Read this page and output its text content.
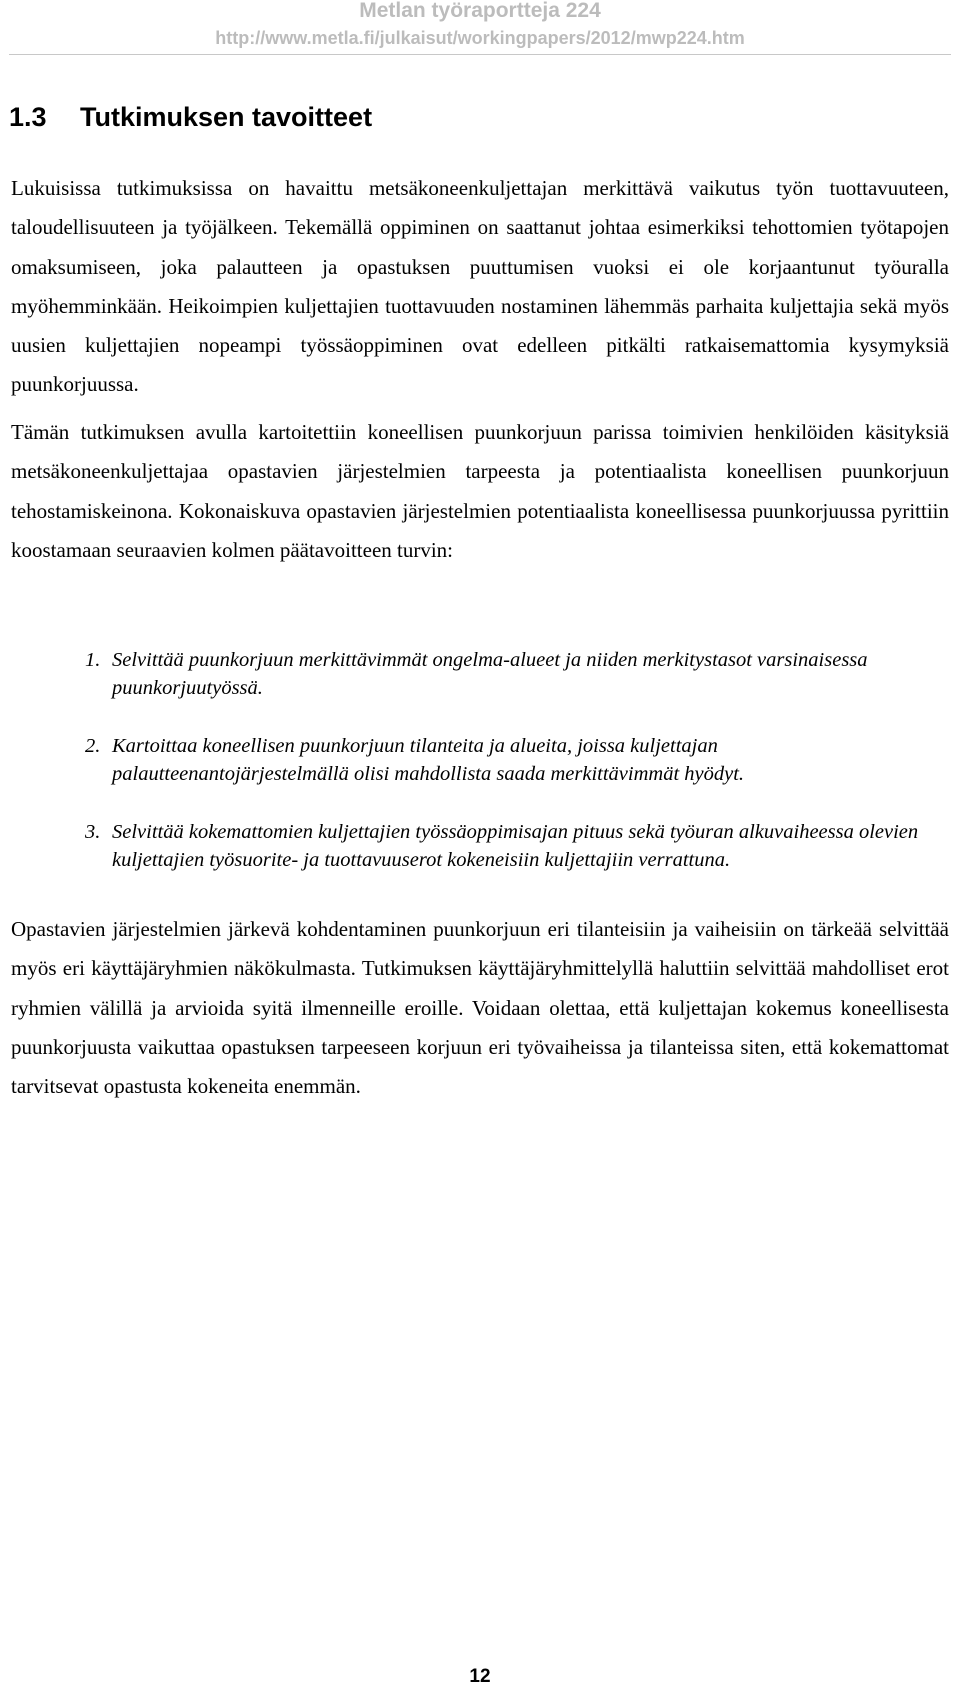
Metlan työraportteja 224
http://www.metla.fi/julkaisut/workingpapers/2012/mwp224.htm
1.3 Tutkimuksen tavoitteet

Lukuisissa tutkimuksissa on havaittu metsäkoneenkuljettajan merkittävä vaikutus työn tuottavuuteen, taloudellisuuteen ja työjälkeen. Tekemällä oppiminen on saattanut johtaa esimerkiksi tehottomien työtapojen omaksumiseen, joka palautteen ja opastuksen puuttumisen vuoksi ei ole korjaantunut työuralla myöhemminkään. Heikoimpien kuljettajien tuottavuuden nostaminen lähemmäs parhaita kuljettajia sekä myös uusien kuljettajien nopeampi työssäoppiminen ovat edelleen pitkälti ratkaisemattomia kysymyksiä puunkorjuussa.

Tämän tutkimuksen avulla kartoitettiin koneellisen puunkorjuun parissa toimivien henkilöiden käsityksiä metsäkoneenkuljettajaa opastavien järjestelmien tarpeesta ja potentiaalista koneellisen puunkorjuun tehostamiskeinona. Kokonaiskuva opastavien järjestelmien potentiaalista koneellisessa puunkorjuussa pyrittiin koostamaan seuraavien kolmen päätavoitteen turvin:

1. Selvittää puunkorjuun merkittävimmät ongelma-alueet ja niiden merkitystasot varsinaisessa puunkorjuutyössä.
2. Kartoittaa koneellisen puunkorjuun tilanteita ja alueita, joissa kuljettajan palautteenantojärjestelmällä olisi mahdollista saada merkittävimmät hyödyt.
3. Selvittää kokemattomien kuljettajien työssäoppimisajan pituus sekä työuran alkuvaiheessa olevien kuljettajien työsuorite- ja tuottavuuserot kokeneisiin kuljettajiin verrattuna.

Opastavien järjestelmien järkevä kohdentaminen puunkorjuun eri tilanteisiin ja vaiheisiin on tärkeää selvittää myös eri käyttäjäryhmien näkökulmasta. Tutkimuksen käyttäjäryhmittelyllä haluttiin selvittää mahdolliset erot ryhmien välillä ja arvioida syitä ilmenneille eroille. Voidaan olettaa, että kuljettajan kokemus koneellisesta puunkorjuusta vaikuttaa opastuksen tarpeeseen korjuun eri työvaiheissa ja tilanteissa siten, että kokemattomat tarvitsevat opastusta kokeneita enemmän.

12
